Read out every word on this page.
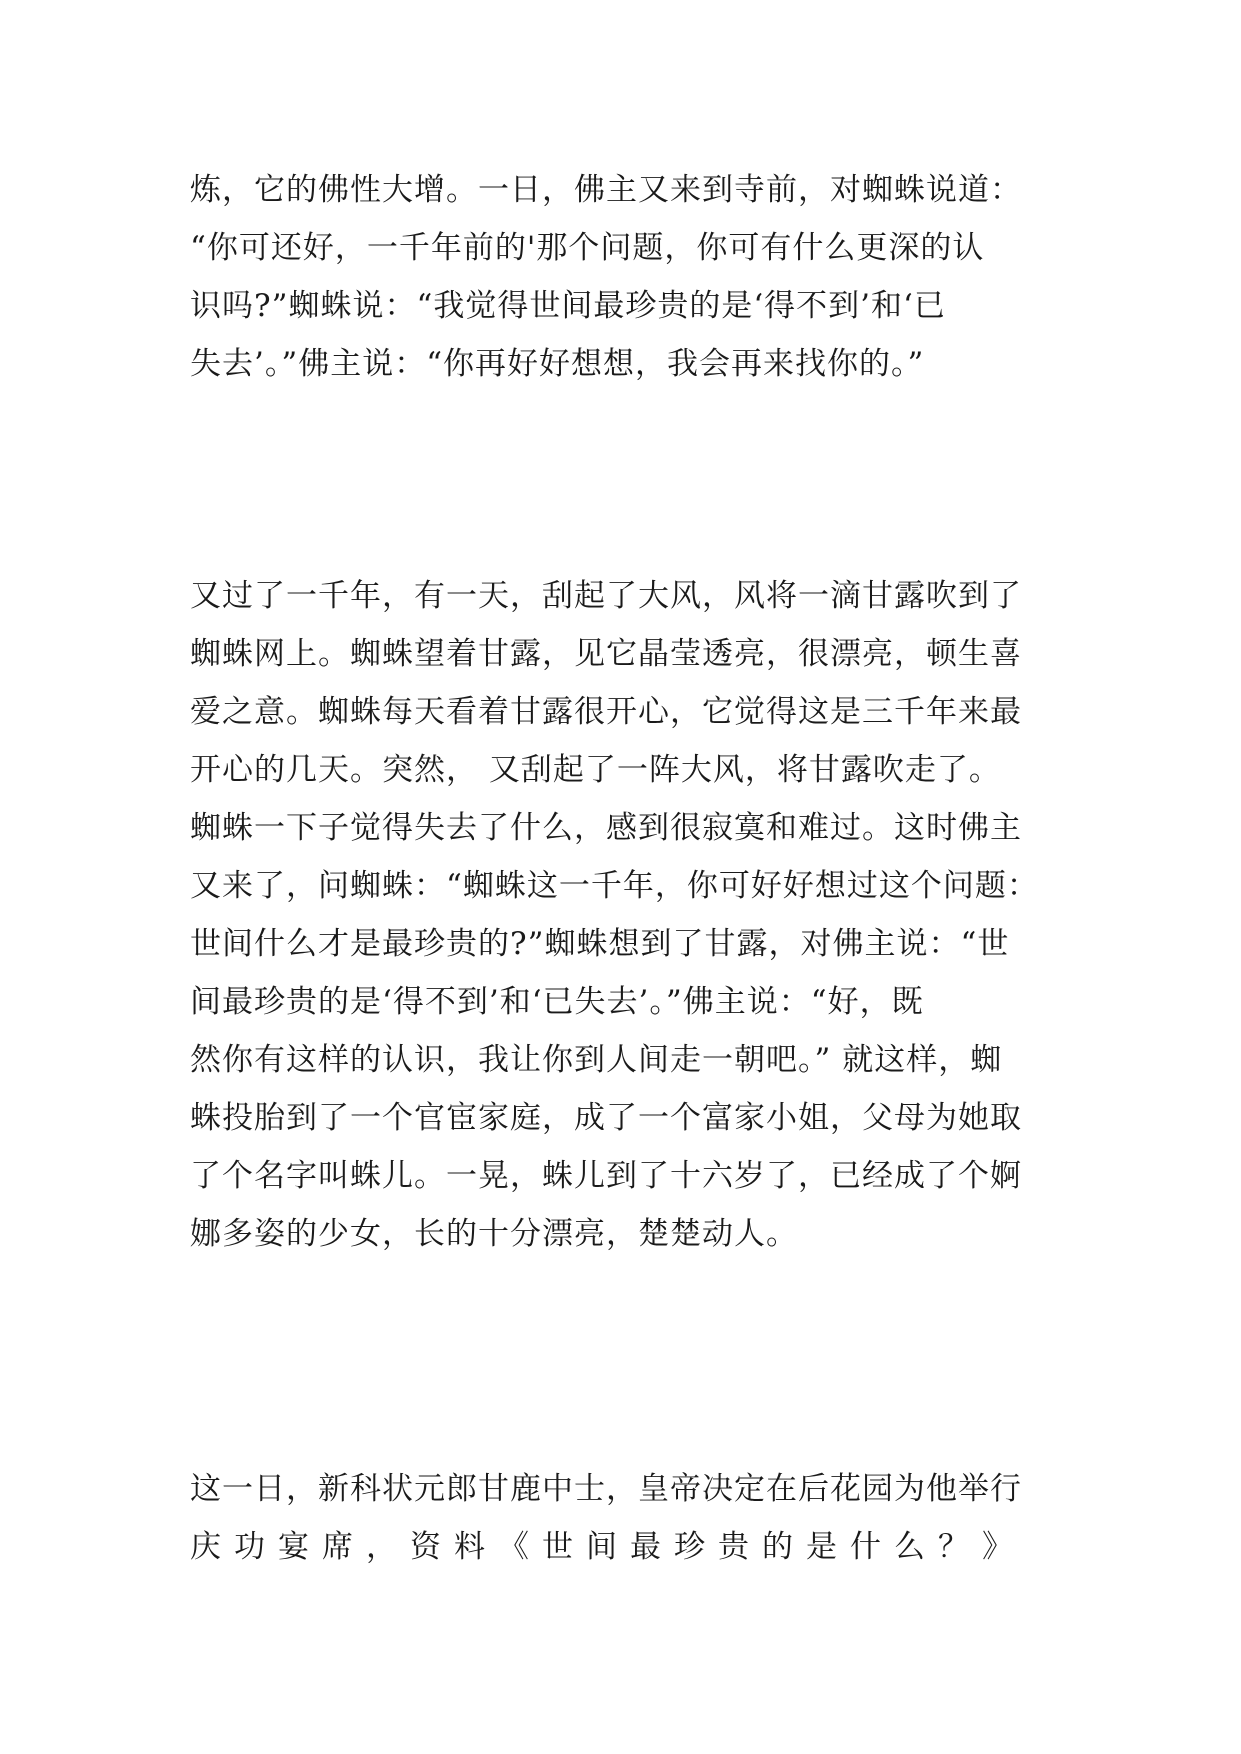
炼，它的佛性大增。一日，佛主又来到寺前，对蜘蛛说道：
“你可还好，一千年前的'那个问题，你可有什么更深的认
识吗?”蜘蛛说：“我觉得世间最珍贵的是‘得不到’和‘已
失去’。”佛主说：“你再好好想想，我会再来找你的。”
又过了一千年，有一天，刮起了大风，风将一滴甘露吹到了
蜘蛛网上。蜘蛛望着甘露，见它晶莹透亮，很漂亮，顿生喜
爱之意。蜘蛛每天看着甘露很开心，它觉得这是三千年来最
开心的几天。突然， 又刮起了一阵大风，将甘露吹走了。
蜘蛛一下子觉得失去了什么，感到很寂寞和难过。这时佛主
又来了，问蜘蛛：“蜘蛛这一千年，你可好好想过这个问题：
世间什么才是最珍贵的?”蜘蛛想到了甘露，对佛主说：“世
间最珍贵的是‘得不到’和‘已失去’。”佛主说：“好，既
然你有这样的认识，我让你到人间走一朝吧。” 就这样，蜘
蛛投胎到了一个官宦家庭，成了一个富家小姐，父母为她取
了个名字叫蛛儿。一晃，蛛儿到了十六岁了，已经成了个婀
娜多姿的少女，长的十分漂亮，楚楚动人。
这一日，新科状元郎甘鹿中士，皇帝决定在后花园为他举行
庆功宴席，资料《世间最珍贵的是什么？》
